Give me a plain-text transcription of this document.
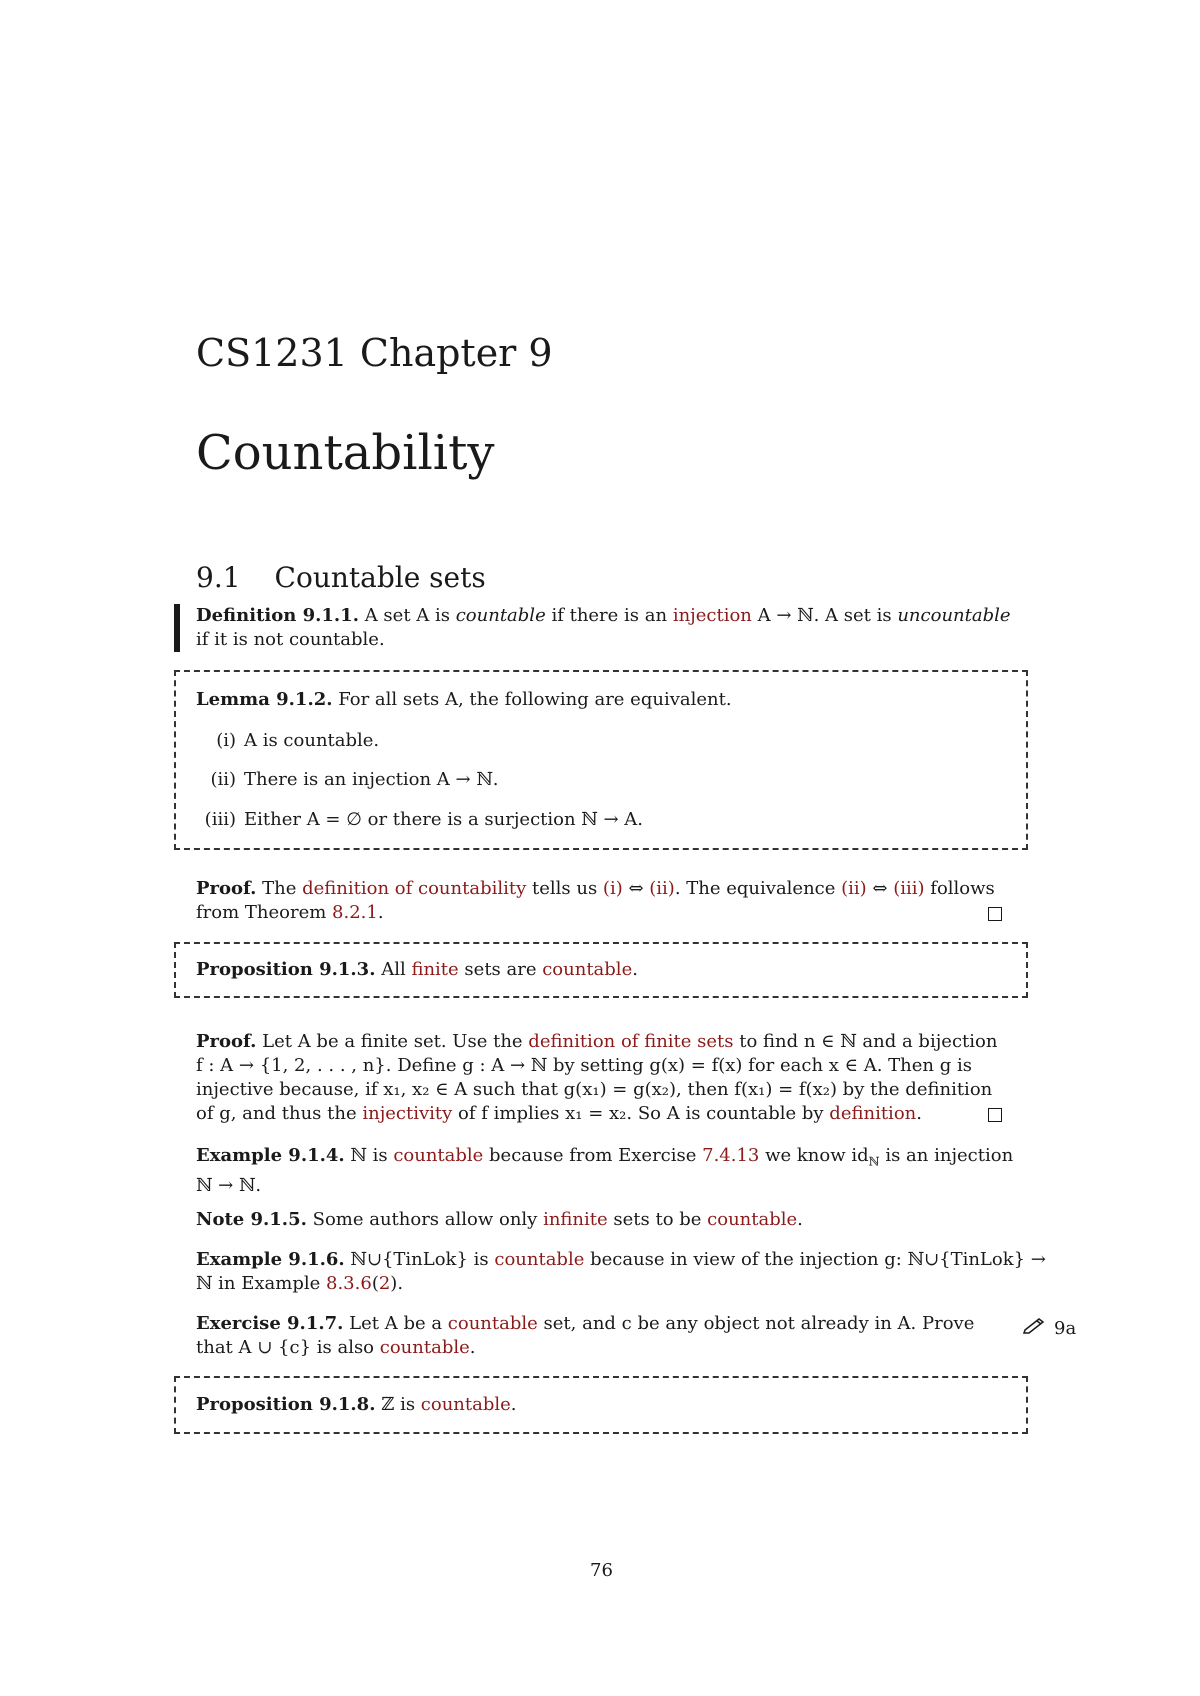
CS1231 Chapter 9
Countability
9.1 Countable sets
Definition 9.1.1. A set A is countable if there is an injection A → ℕ. A set is uncountable
if it is not countable.
Lemma 9.1.2. For all sets A, the following are equivalent.
(i) A is countable.
(ii) There is an injection A → ℕ.
(iii) Either A = ∅ or there is a surjection ℕ → A.
Proof. The definition of countability tells us (i) ⇔ (ii). The equivalence (ii) ⇔ (iii) follows
from Theorem 8.2.1.
Proposition 9.1.3. All finite sets are countable.
Proof. Let A be a finite set. Use the definition of finite sets to find n ∈ ℕ and a bijection
f : A → {1, 2, . . . , n}. Define g : A → ℕ by setting g(x) = f(x) for each x ∈ A. Then g is
injective because, if x₁, x₂ ∈ A such that g(x₁) = g(x₂), then f(x₁) = f(x₂) by the definition
of g, and thus the injectivity of f implies x₁ = x₂. So A is countable by definition.
Example 9.1.4. ℕ is countable because from Exercise 7.4.13 we know $id_ℕ$ is an injection
ℕ → ℕ.
Note 9.1.5. Some authors allow only infinite sets to be countable.
Example 9.1.6. ℕ∪{TinLok} is countable because in view of the injection g: ℕ∪{TinLok} →
ℕ in Example 8.3.6(2).
Exercise 9.1.7. Let A be a countable set, and c be any object not already in A. Prove
that A ∪ {c} is also countable.
9a
Proposition 9.1.8. ℤ is countable.
76
